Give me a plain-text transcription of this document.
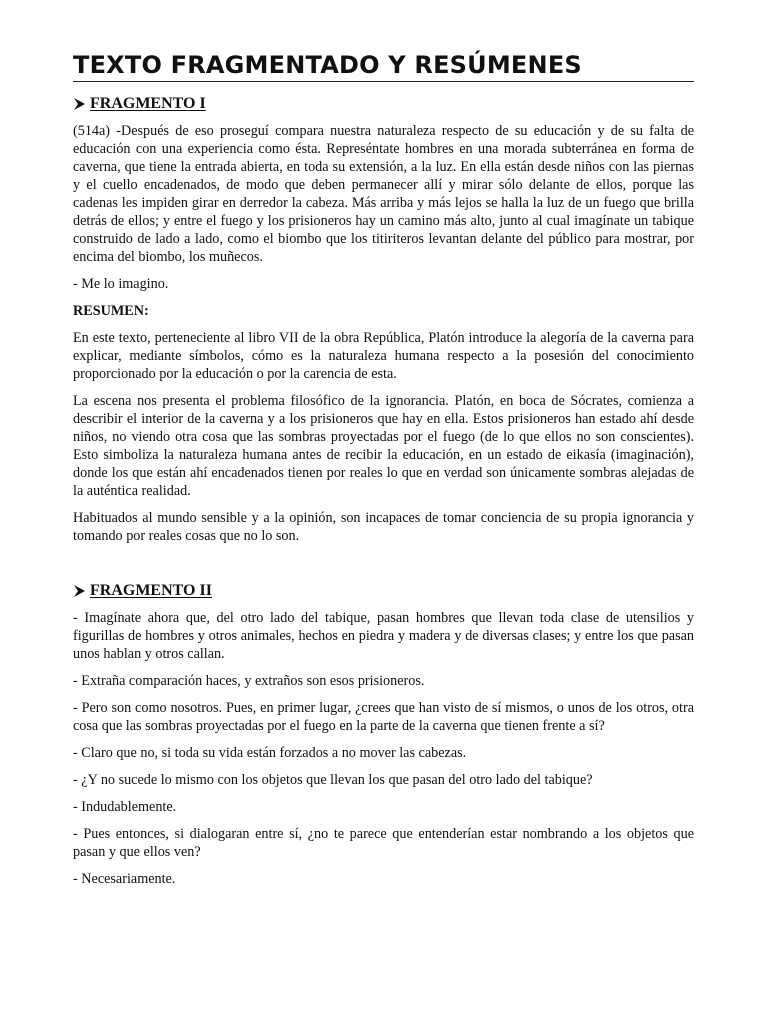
TEXTO FRAGMENTADO Y RESÚMENES
FRAGMENTO I

(514a) -Después de eso proseguí compara nuestra naturaleza respecto de su educación y de su falta de educación con una experiencia como ésta. Represéntate hombres en una morada subterránea en forma de caverna, que tiene la entrada abierta, en toda su extensión, a la luz. En ella están desde niños con las piernas y el cuello encadenados, de modo que deben permanecer allí y mirar sólo delante de ellos, porque las cadenas les impiden girar en derredor la cabeza. Más arriba y más lejos se halla la luz de un fuego que brilla detrás de ellos; y entre el fuego y los prisioneros hay un camino más alto, junto al cual imagínate un tabique construido de lado a lado, como el biombo que los titiriteros levantan delante del público para mostrar, por encima del biombo, los muñecos.

- Me lo imagino.

RESUMEN:

En este texto, perteneciente al libro VII de la obra República, Platón introduce la alegoría de la caverna para explicar, mediante símbolos, cómo es la naturaleza humana respecto a la posesión del conocimiento proporcionado por la educación o por la carencia de esta.

La escena nos presenta el problema filosófico de la ignorancia. Platón, en boca de Sócrates, comienza a describir el interior de la caverna y a los prisioneros que hay en ella. Estos prisioneros han estado ahí desde niños, no viendo otra cosa que las sombras proyectadas por el fuego (de lo que ellos no son conscientes). Esto simboliza la naturaleza humana antes de recibir la educación, en un estado de eikasía (imaginación), donde los que están ahí encadenados tienen por reales lo que en verdad son únicamente sombras alejadas de la auténtica realidad.

Habituados al mundo sensible y a la opinión, son incapaces de tomar conciencia de su propia ignorancia y tomando por reales cosas que no lo son.

FRAGMENTO II

- Imagínate ahora que, del otro lado del tabique, pasan hombres que llevan toda clase de utensilios y figurillas de hombres y otros animales, hechos en piedra y madera y de diversas clases; y entre los que pasan unos hablan y otros callan.

- Extraña comparación haces, y extraños son esos prisioneros.

- Pero son como nosotros. Pues, en primer lugar, ¿crees que han visto de sí mismos, o unos de los otros, otra cosa que las sombras proyectadas por el fuego en la parte de la caverna que tienen frente a sí?

- Claro que no, si toda su vida están forzados a no mover las cabezas.

- ¿Y no sucede lo mismo con los objetos que llevan los que pasan del otro lado del tabique?

- Indudablemente.

- Pues entonces, si dialogaran entre sí, ¿no te parece que entenderían estar nombrando a los objetos que pasan y que ellos ven?

- Necesariamente.
